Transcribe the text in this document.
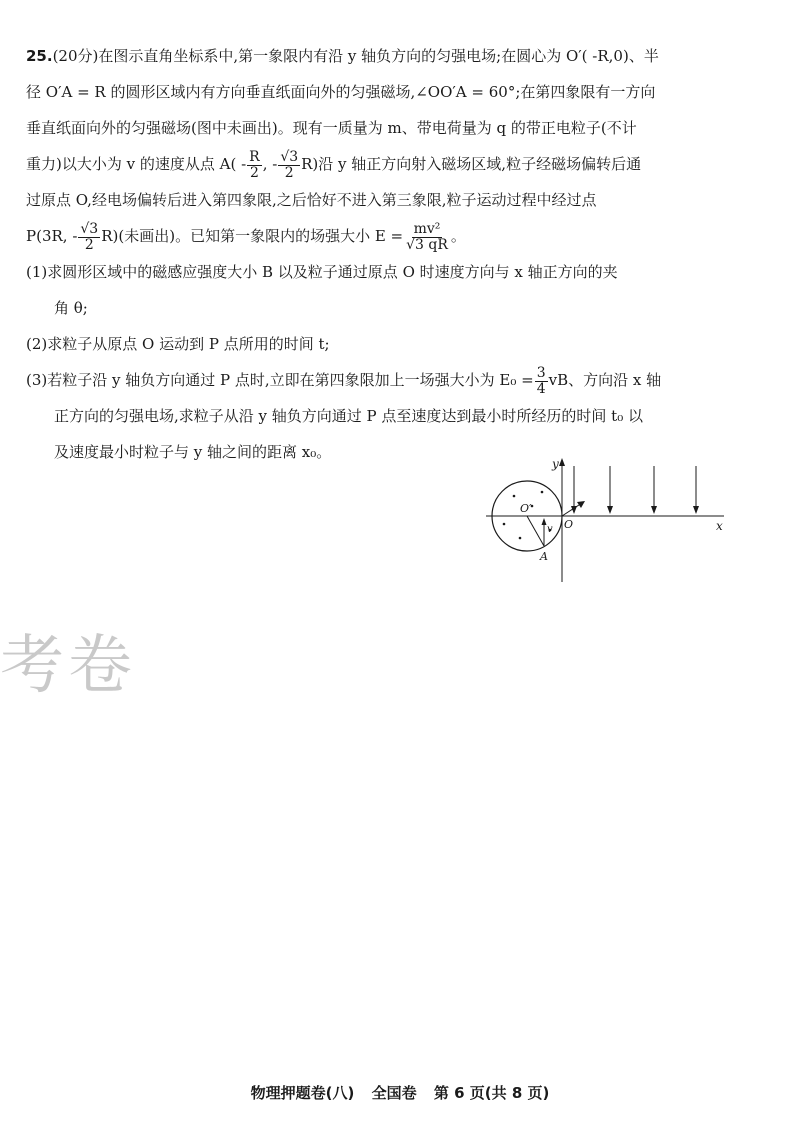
25.(20分)在图示直角坐标系中,第一象限内有沿 y 轴负方向的匀强电场;在圆心为 O′( -R,0)、半
径 O′A = R 的圆形区域内有方向垂直纸面向外的匀强磁场,∠OO′A = 60°;在第四象限有一方向
垂直纸面向外的匀强磁场(图中未画出)。现有一质量为 m、带电荷量为 q 的带正电粒子(不计
重力)以大小为 v 的速度从点 $A( - \frac{R}{2}$ , - $\frac{√3}{2} R$)沿 y 轴正方向射入磁场区域,粒子经磁场偏转后通
过原点 O,经电场偏转后进入第四象限,之后恰好不进入第三象限,粒子运动过程中经过点
P(3R, - $\frac{√3}{2} R$)(未画出)。已知第一象限内的场强大小 $E = \frac{\text{mv²}}{√3 qR}$ 。
(1)求圆形区域中的磁感应强度大小 B 以及粒子通过原点 O 时速度方向与 x 轴正方向的夹
角 θ;
(2)求粒子从原点 O 运动到 P 点所用的时间 t;
(3)若粒子沿 y 轴负方向通过 P 点时,立即在第四象限加上一场强大小为 $E_0 = \frac{3}{4}$ vB、方向沿 x 轴
正方向的匀强电场,求粒子从沿 y 轴负方向通过 P 点至速度达到最小时所经历的时间 t₀ 以
及速度最小时粒子与 y 轴之间的距离 x₀。
y
x
O
O′
A
v
考卷
物理押题卷(八) 全国卷 第 6 页(共 8 页)
